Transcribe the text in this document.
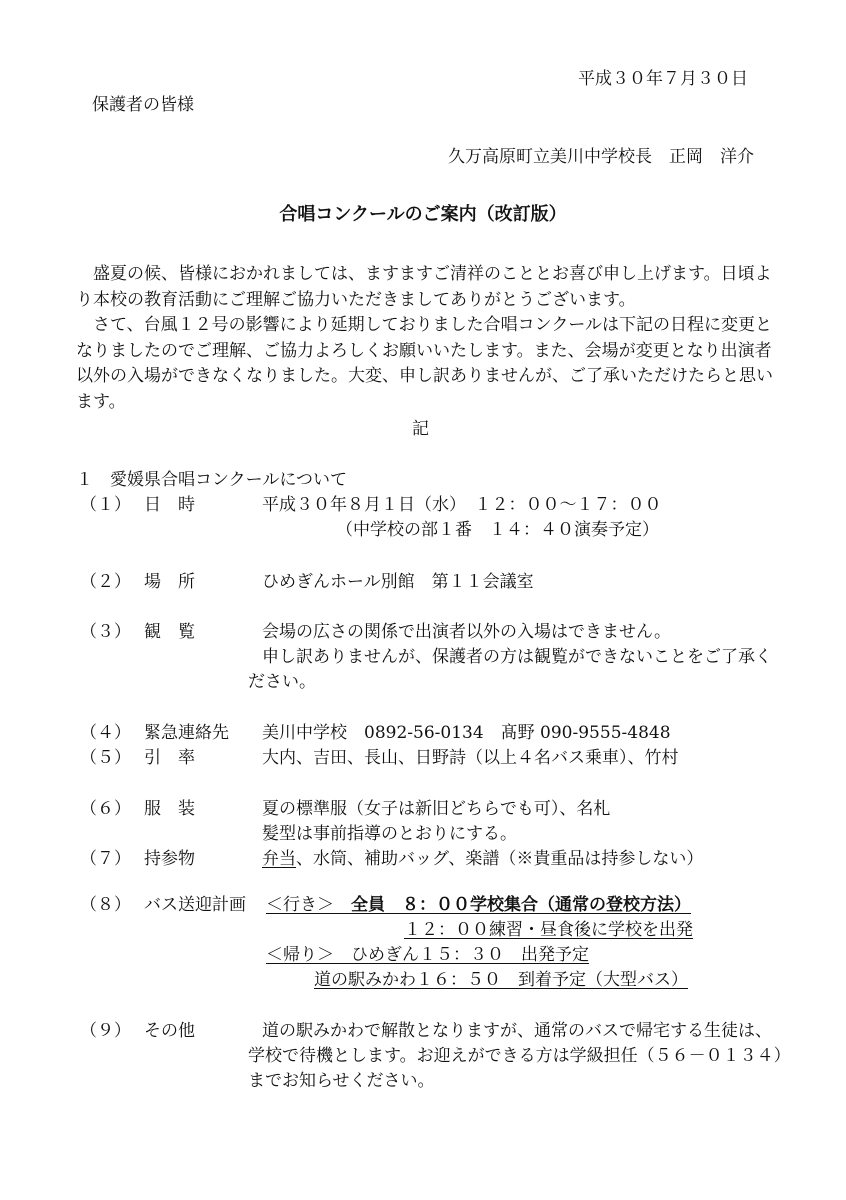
平成３０年７月３０日
保護者の皆様
久万高原町立美川中学校長　正岡　洋介
合唱コンクールのご案内（改訂版）
　盛夏の候、皆様におかれましては、ますますご清祥のこととお喜び申し上げます。日頃より本校の教育活動にご理解ご協力いただきましてありがとうございます。
　さて、台風１２号の影響により延期しておりました合唱コンクールは下記の日程に変更となりましたのでご理解、ご協力よろしくお願いいたします。また、会場が変更となり出演者以外の入場ができなくなりました。大変、申し訳ありませんが、ご了承いただけたらと思います。
記
１　愛媛県合唱コンクールについて
（１） 日　時	平成３０年８月１日（水）　１２：００～１７：００
（中学校の部１番　１４：４０演奏予定）
（２） 場　所	ひめぎんホール別館　第１１会議室
（３） 観　覧	会場の広さの関係で出演者以外の入場はできません。
申し訳ありませんが、保護者の方は観覧ができないことをご了承く
ださい。
（４） 緊急連絡先 美川中学校　0892-56-0134　髙野 090-9555-4848
（５） 引　率	大内、吉田、長山、日野詩（以上４名バス乗車）、竹村
（６） 服　装	夏の標準服（女子は新旧どちらでも可）、名札
髪型は事前指導のとおりにする。
（７） 持参物	弁当、水筒、補助バッグ、楽譜（※貴重品は持参しない）
（８） バス送迎計画 ＜行き＞　全員　８：００学校集合（通常の登校方法）
１２：００練習・昼食後に学校を出発
＜帰り＞　ひめぎん１５：３０　出発予定
道の駅みかわ１６：５０　到着予定（大型バス）
（９） その他	道の駅みかわで解散となりますが、通常のバスで帰宅する生徒は、
学校で待機とします。お迎えができる方は学級担任（５６－０１３４）
までお知らせください。
